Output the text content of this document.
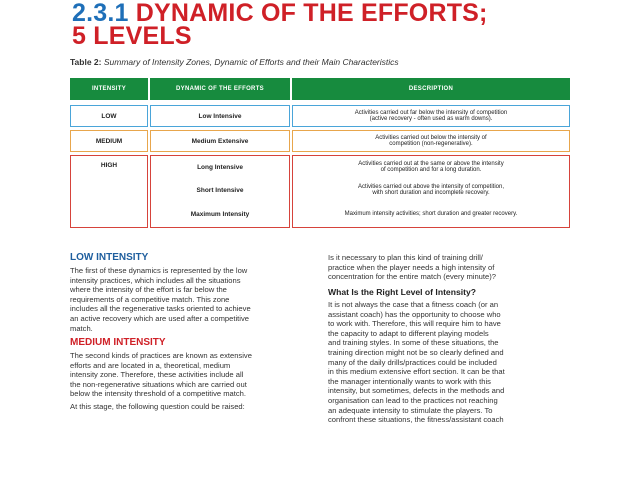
2.3.1 DYNAMIC OF THE EFFORTS;
5 LEVELS
Table 2: Summary of Intensity Zones, Dynamic of Efforts and their Main Characteristics
INTENSITY	DYNAMIC OF THE EFFORTS	DESCRIPTION
LOW	Low Intensive	Activities carried out far below the intensity of competition
(active recovery - often used as warm downs).
MEDIUM	Medium Extensive	Activities carried out below the intensity of
competition (non-regenerative).
HIGH	Long Intensive	Activities carried out at the same or above the intensity
of competition and for a long duration.
Short Intensive	Activities carried out above the intensity of competition,
with short duration and incomplete recovery.
Maximum Intensity	Maximum intensity activities; short duration and greater recovery.
LOW INTENSITY
The first of these dynamics is represented by the low
intensity practices, which includes all the situations
where the intensity of the effort is far below the
requirements of a competitive match. This zone
includes all the regenerative tasks oriented to achieve
an active recovery which are used after a competitive
match.
MEDIUM INTENSITY
The second kinds of practices are known as extensive
efforts and are located in a, theoretical, medium
intensity zone. Therefore, these activities include all
the non-regenerative situations which are carried out
below the intensity threshold of a competitive match.
At this stage, the following question could be raised:
Is it necessary to plan this kind of training drill/
practice when the player needs a high intensity of
concentration for the entire match (every minute)?
What Is the Right Level of Intensity?
It is not always the case that a fitness coach (or an
assistant coach) has the opportunity to choose who
to work with. Therefore, this will require him to have
the capacity to adapt to different playing models
and training styles. In some of these situations, the
training direction might not be so clearly defined and
many of the daily drills/practices could be included
in this medium extensive effort section. It can be that
the manager intentionally wants to work with this
intensity, but sometimes, defects in the methods and
organisation can lead to the practices not reaching
an adequate intensity to stimulate the players. To
confront these situations, the fitness/assistant coach
